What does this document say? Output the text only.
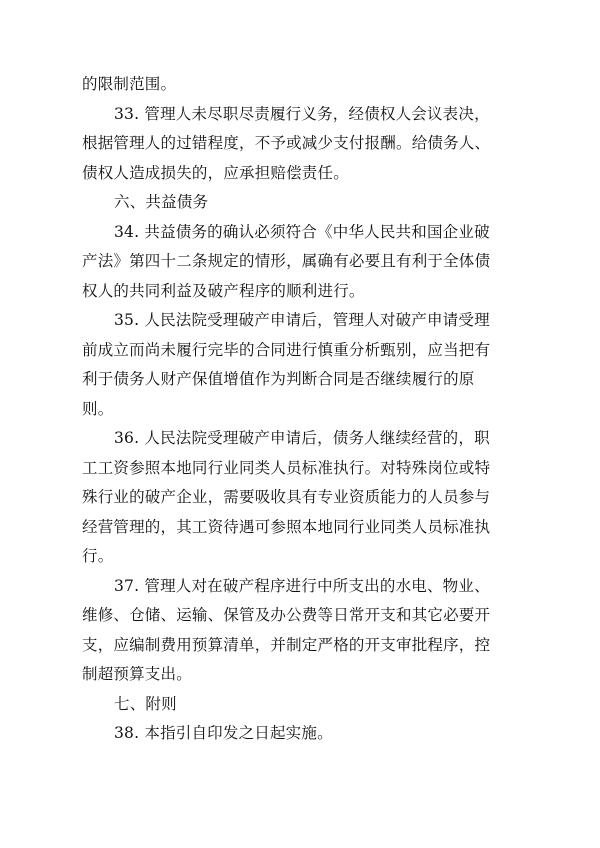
的限制范围。

33. 管理人未尽职尽责履行义务，经债权人会议表决，

根据管理人的过错程度，不予或减少支付报酬。给债务人、

债权人造成损失的，应承担赔偿责任。

六、共益债务

34. 共益债务的确认必须符合《中华人民共和国企业破

产法》第四十二条规定的情形，属确有必要且有利于全体债

权人的共同利益及破产程序的顺利进行。

35. 人民法院受理破产申请后，管理人对破产申请受理

前成立而尚未履行完毕的合同进行慎重分析甄别，应当把有

利于债务人财产保值增值作为判断合同是否继续履行的原

则。

36. 人民法院受理破产申请后，债务人继续经营的，职

工工资参照本地同行业同类人员标准执行。对特殊岗位或特

殊行业的破产企业，需要吸收具有专业资质能力的人员参与

经营管理的，其工资待遇可参照本地同行业同类人员标准执

行。

37. 管理人对在破产程序进行中所支出的水电、物业、

维修、仓储、运输、保管及办公费等日常开支和其它必要开

支，应编制费用预算清单，并制定严格的开支审批程序，控

制超预算支出。

七、附则

38. 本指引自印发之日起实施。
